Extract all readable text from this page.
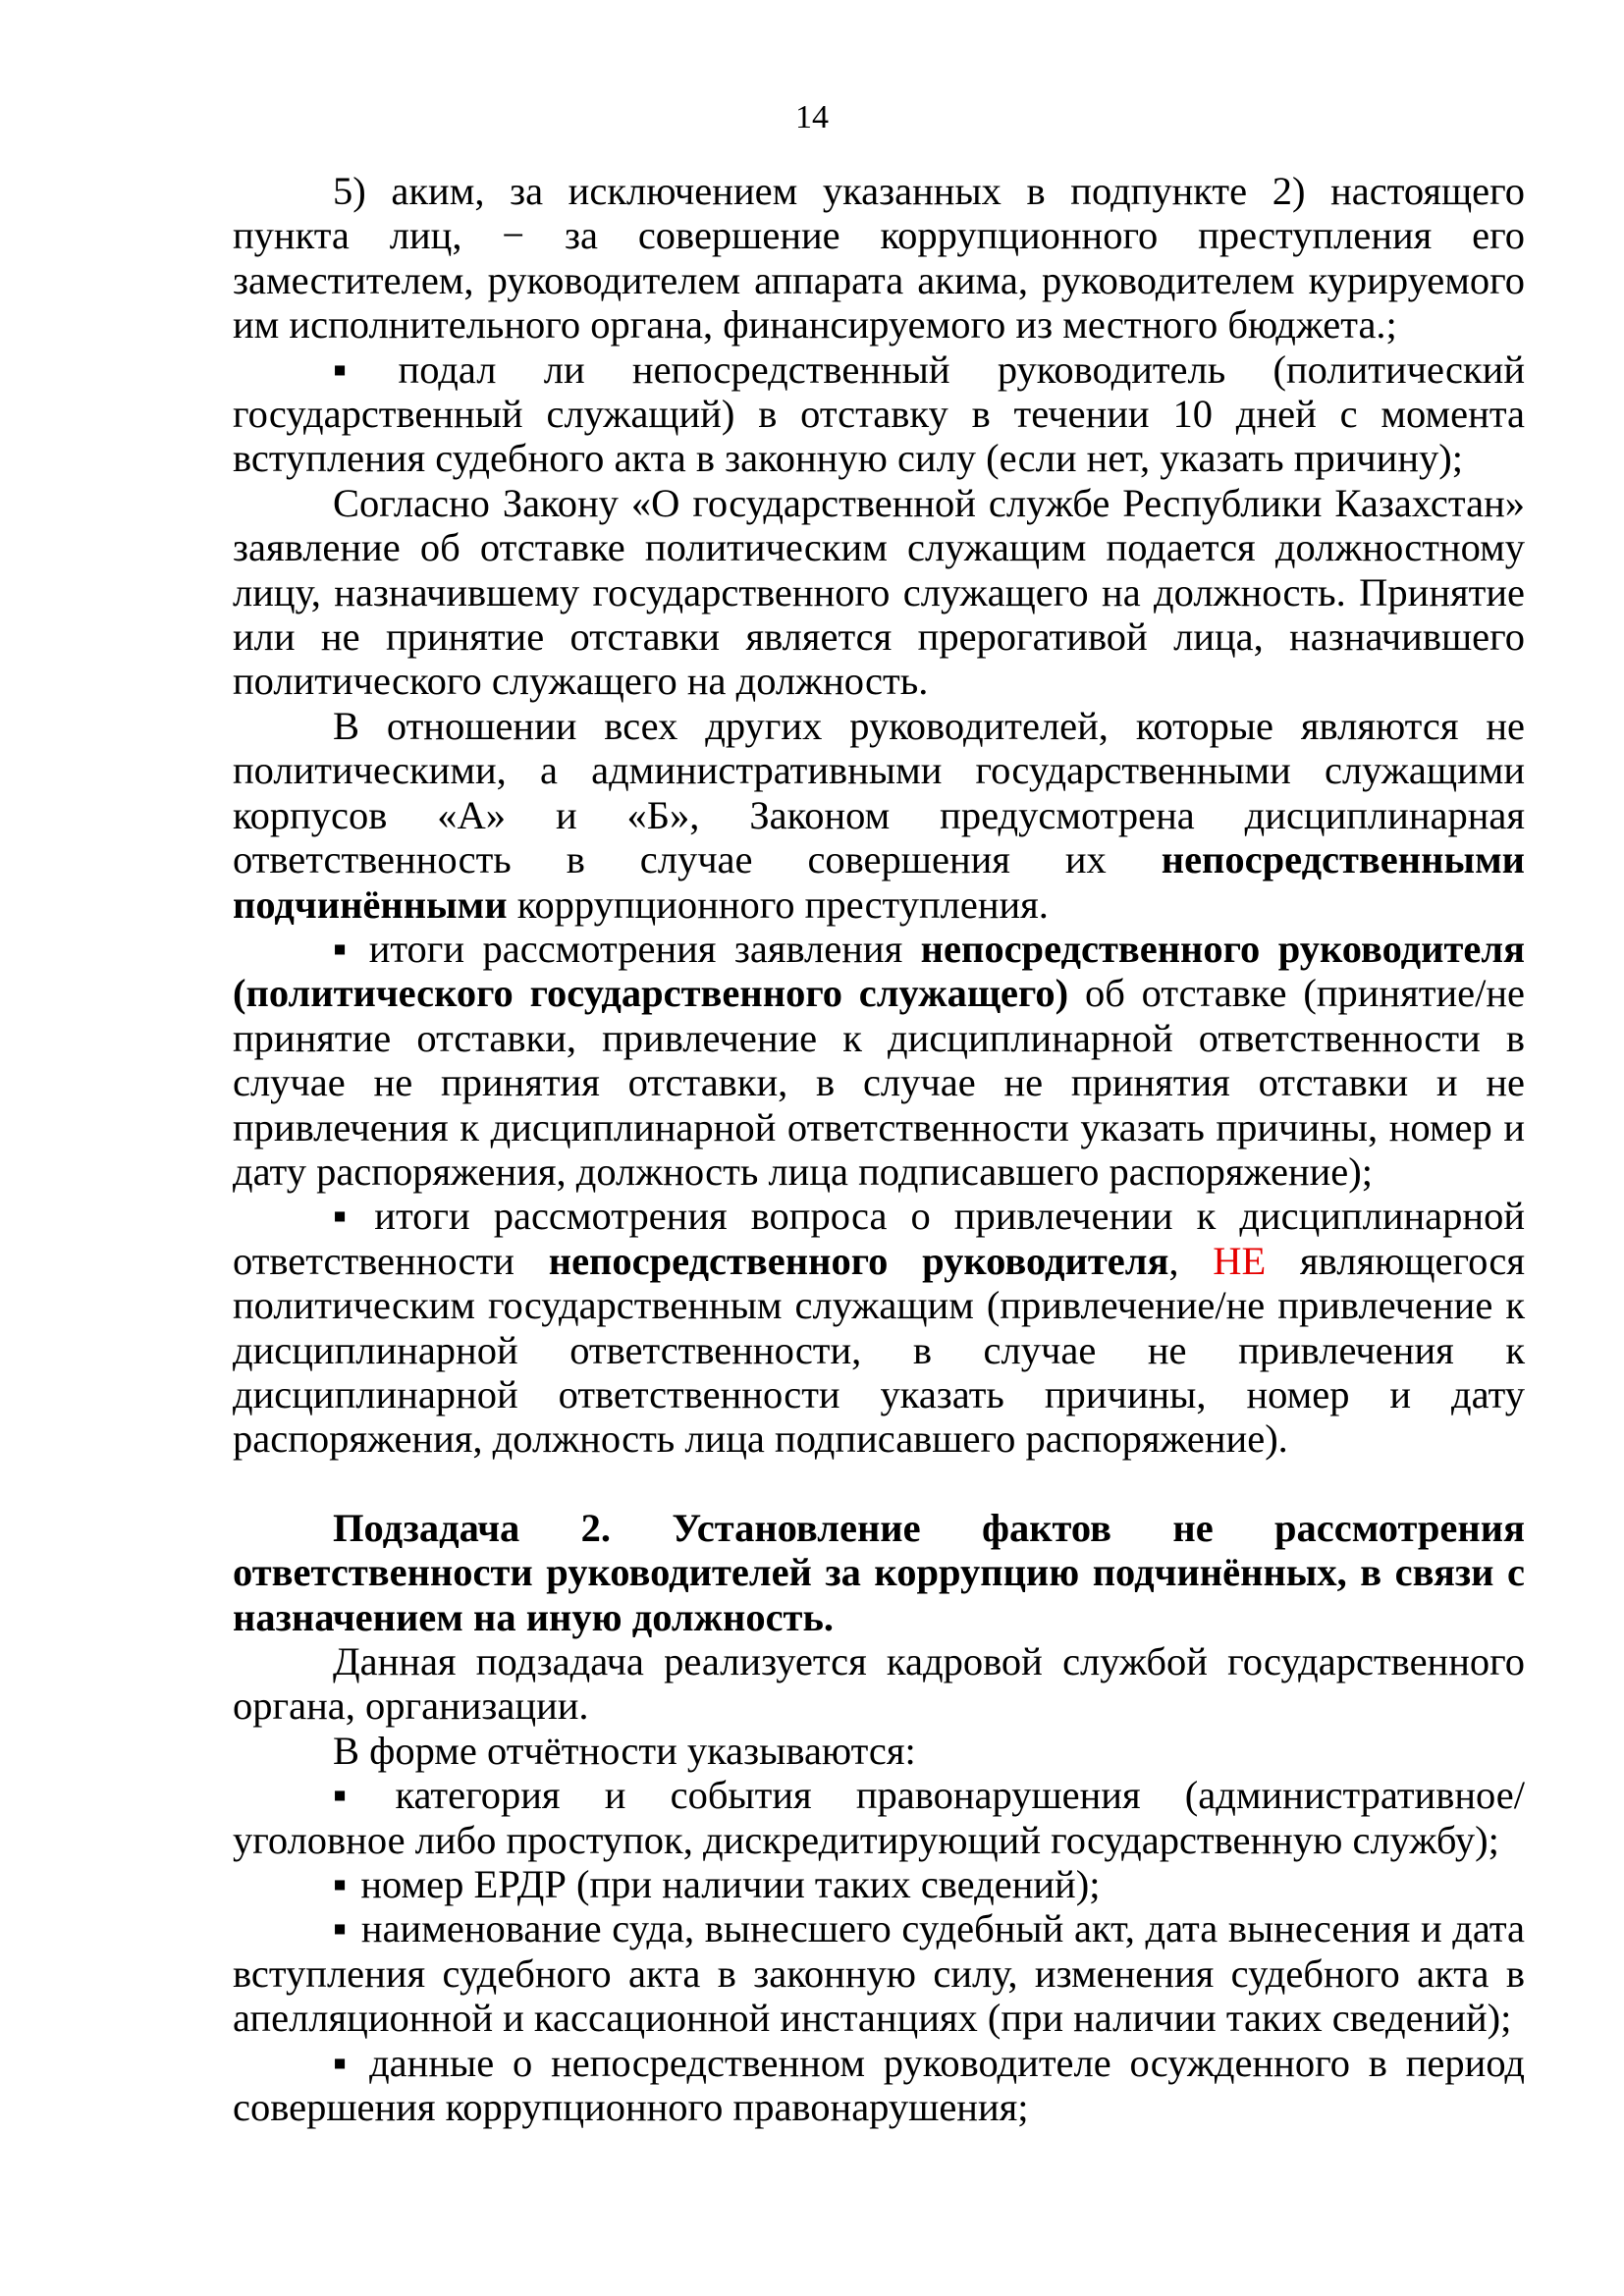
14

5) аким, за исключением указанных в подпункте 2) настоящего пункта лиц, − за совершение коррупционного преступления его заместителем, руководителем аппарата акима, руководителем курируемого им исполнительного органа, финансируемого из местного бюджета.;

▪ подал ли непосредственный руководитель (политический государственный служащий) в отставку в течении 10 дней с момента вступления судебного акта в законную силу (если нет, указать причину);

Согласно Закону «О государственной службе Республики Казахстан» заявление об отставке политическим служащим подается должностному лицу, назначившему государственного служащего на должность. Принятие или не принятие отставки является прерогативой лица, назначившего политического служащего на должность.

В отношении всех других руководителей, которые являются не политическими, а административными государственными служащими корпусов «А» и «Б», Законом предусмотрена дисциплинарная ответственность в случае совершения их непосредственными подчинёнными коррупционного преступления.

▪ итоги рассмотрения заявления непосредственного руководителя (политического государственного служащего) об отставке (принятие/не принятие отставки, привлечение к дисциплинарной ответственности в случае не принятия отставки, в случае не принятия отставки и не привлечения к дисциплинарной ответственности указать причины, номер и дату распоряжения, должность лица подписавшего распоряжение);

▪ итоги рассмотрения вопроса о привлечении к дисциплинарной ответственности непосредственного руководителя, НЕ являющегося политическим государственным служащим (привлечение/не привлечение к дисциплинарной ответственности, в случае не привлечения к дисциплинарной ответственности указать причины, номер и дату распоряжения, должность лица подписавшего распоряжение).

Подзадача 2. Установление фактов не рассмотрения ответственности руководителей за коррупцию подчинённых, в связи с назначением на иную должность.

Данная подзадача реализуется кадровой службой государственного органа, организации.

В форме отчётности указываются:

▪ категория и события правонарушения (административное/уголовное либо проступок, дискредитирующий государственную службу);

▪ номер ЕРДР (при наличии таких сведений);

▪ наименование суда, вынесшего судебный акт, дата вынесения и дата вступления судебного акта в законную силу, изменения судебного акта в апелляционной и кассационной инстанциях (при наличии таких сведений);

▪ данные о непосредственном руководителе осужденного в период совершения коррупционного правонарушения;
